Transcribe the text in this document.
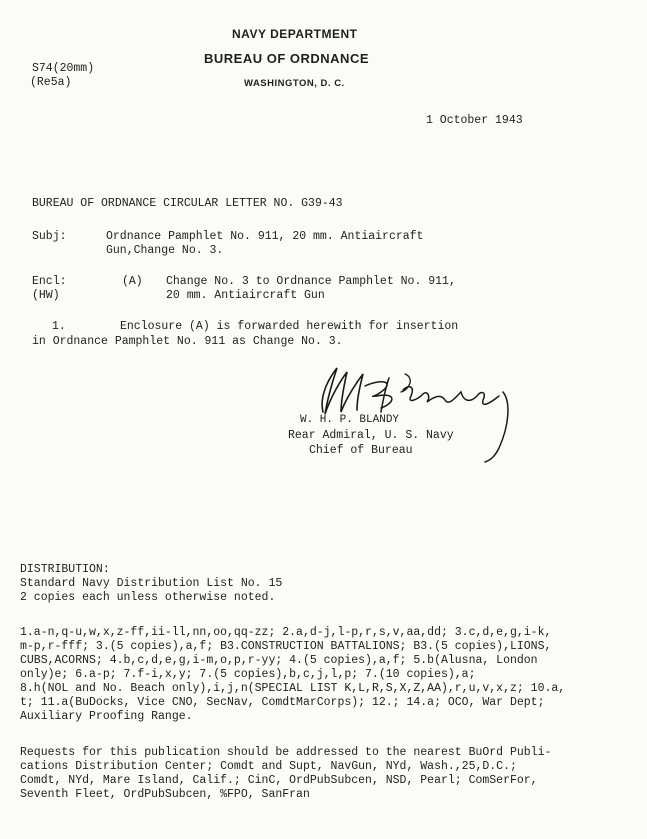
NAVY DEPARTMENT
BUREAU OF ORDNANCE
WASHINGTON, D. C.
S74(20mm)
(Re5a)
1 October 1943
BUREAU OF ORDNANCE CIRCULAR LETTER NO. G39-43
Subj:	Ordnance Pamphlet No. 911, 20 mm. Antiaircraft
Gun,Change No. 3.
Encl:
(HW)
(A) Change No. 3 to Ordnance Pamphlet No. 911,
20 mm. Antiaircraft Gun
1.	Enclosure (A) is forwarded herewith for insertion
in Ordnance Pamphlet No. 911 as Change No. 3.
W. H. P. BLANDY
Rear Admiral, U. S. Navy
Chief of Bureau
DISTRIBUTION:
Standard Navy Distribution List No. 15
2 copies each unless otherwise noted.
1.a-n,q-u,w,x,z-ff,ii-ll,nn,oo,qq-zz; 2.a,d-j,l-p,r,s,v,aa,dd; 3.c,d,e,g,i-k,
m-p,r-fff; 3.(5 copies),a,f; B3.CONSTRUCTION BATTALIONS; B3.(5 copies),LIONS,
CUBS,ACORNS; 4.b,c,d,e,g,i-m,o,p,r-yy; 4.(5 copies),a,f; 5.b(Alusna, London
only)e; 6.a-p; 7.f-i,x,y; 7.(5 copies),b,c,j,l,p; 7.(10 copies),a;
8.h(NOL and No. Beach only),i,j,n(SPECIAL LIST K,L,R,S,X,Z,AA),r,u,v,x,z; 10.a,
t; 11.a(BuDocks, Vice CNO, SecNav, ComdtMarCorps); 12.; 14.a; OCO, War Dept;
Auxiliary Proofing Range.
Requests for this publication should be addressed to the nearest BuOrd Publi-
cations Distribution Center; Comdt and Supt, NavGun, NYd, Wash.,25,D.C.;
Comdt, NYd, Mare Island, Calif.; CinC, OrdPubSubcen, NSD, Pearl; ComSerFor,
Seventh Fleet, OrdPubSubcen, %FPO, SanFran
